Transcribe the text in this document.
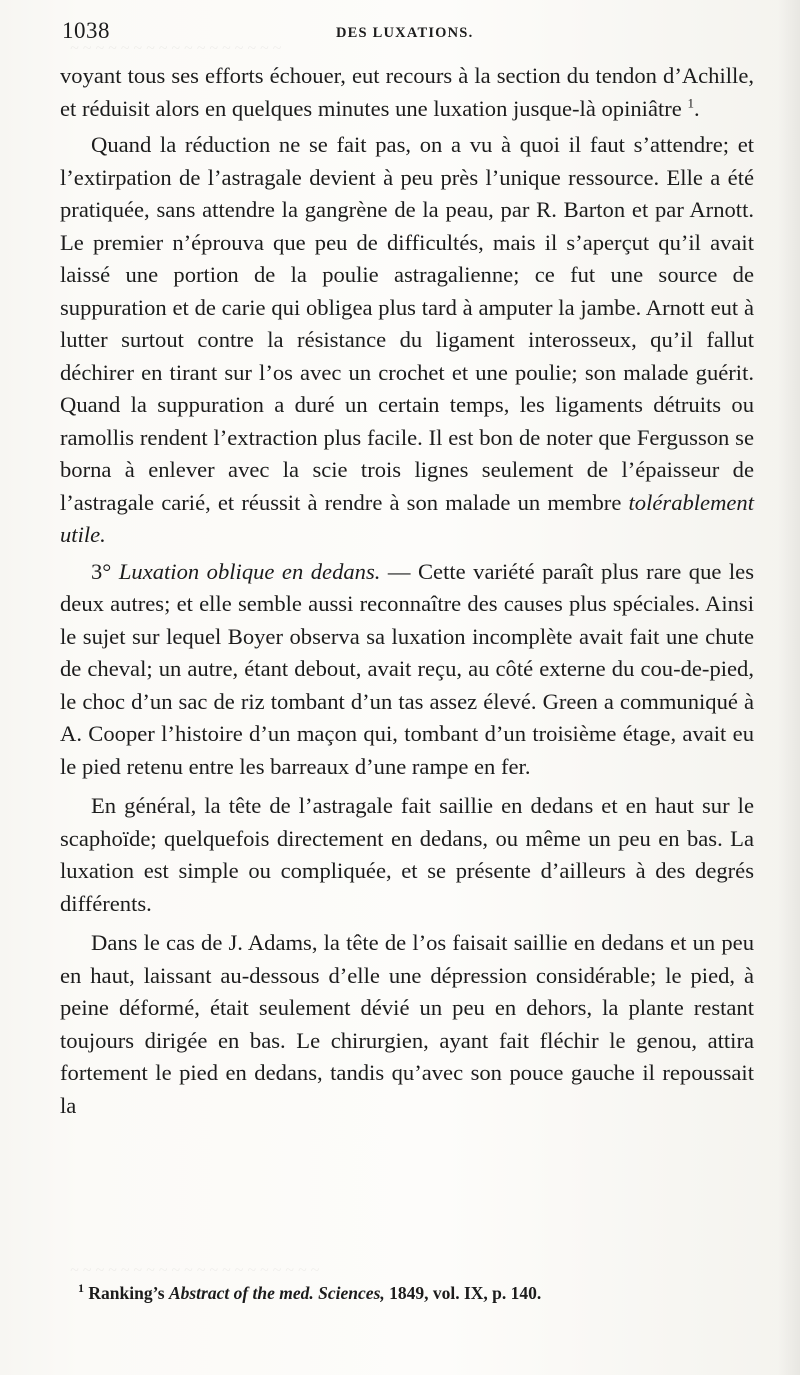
~ ~ ~ ~ ~ ~ ~ ~ ~ ~ ~ ~ ~ ~ ~ ~ ~
~ ~ ~ ~ ~ ~ ~ ~ ~ ~ ~ ~ ~ ~ ~ ~ ~ ~ ~ ~
1038	DES LUXATIONS.

voyant tous ses efforts échouer, eut recours à la section du tendon d’Achille, et réduisit alors en quelques minutes une luxation jusque-là opiniâtre $^1$.

Quand la réduction ne se fait pas, on a vu à quoi il faut s’attendre; et l’extirpation de l’astragale devient à peu près l’unique ressource. Elle a été pratiquée, sans attendre la gangrène de la peau, par R. Barton et par Arnott. Le premier n’éprouva que peu de difficultés, mais il s’aperçut qu’il avait laissé une portion de la poulie astragalienne; ce fut une source de suppuration et de carie qui obligea plus tard à amputer la jambe. Arnott eut à lutter surtout contre la résistance du ligament interosseux, qu’il fallut déchirer en tirant sur l’os avec un crochet et une poulie; son malade guérit. Quand la suppuration a duré un certain temps, les ligaments détruits ou ramollis rendent l’extraction plus facile. Il est bon de noter que Fergusson se borna à enlever avec la scie trois lignes seulement de l’épaisseur de l’astragale carié, et réussit à rendre à son malade un membre tolérablement utile.

3° Luxation oblique en dedans. — Cette variété paraît plus rare que les deux autres; et elle semble aussi reconnaître des causes plus spéciales. Ainsi le sujet sur lequel Boyer observa sa luxation incomplète avait fait une chute de cheval; un autre, étant debout, avait reçu, au côté externe du cou-de-pied, le choc d’un sac de riz tombant d’un tas assez élevé. Green a communiqué à A. Cooper l’histoire d’un maçon qui, tombant d’un troisième étage, avait eu le pied retenu entre les barreaux d’une rampe en fer.

En général, la tête de l’astragale fait saillie en dedans et en haut sur le scaphoïde; quelquefois directement en dedans, ou même un peu en bas. La luxation est simple ou compliquée, et se présente d’ailleurs à des degrés différents.

Dans le cas de J. Adams, la tête de l’os faisait saillie en dedans et un peu en haut, laissant au-dessous d’elle une dépression considérable; le pied, à peine déformé, était seulement dévié un peu en dehors, la plante restant toujours dirigée en bas. Le chirurgien, ayant fait fléchir le genou, attira fortement le pied en dedans, tandis qu’avec son pouce gauche il repoussait la

$^1$ Ranking’s Abstract of the med. Sciences, 1849, vol. IX, p. 140.
